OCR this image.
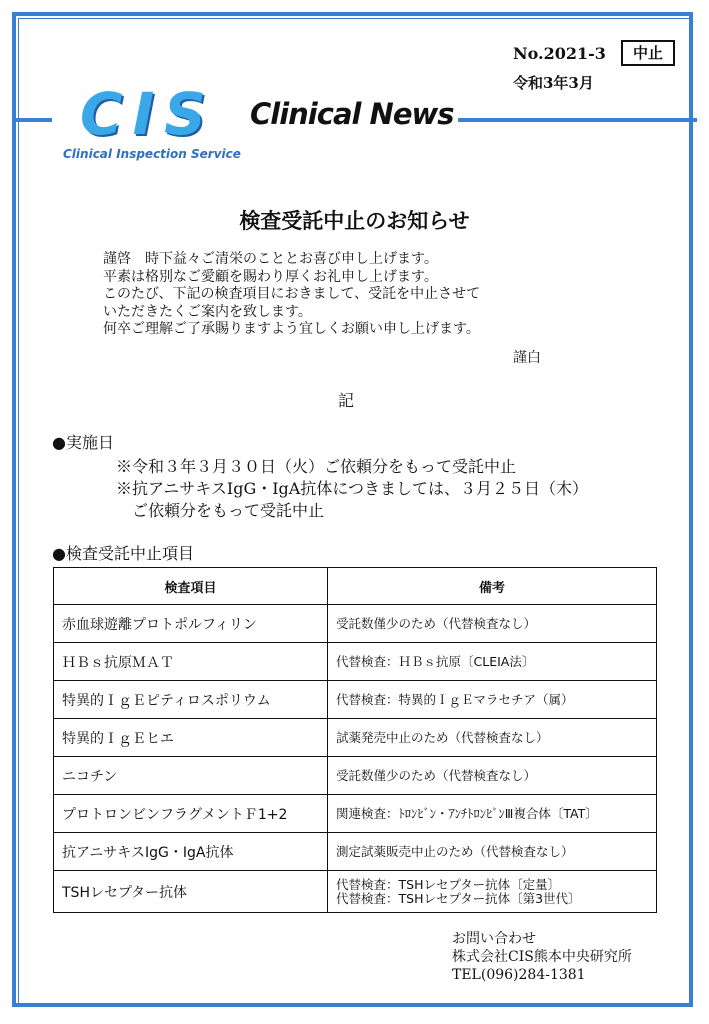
No.2021-3	中止
令和3年3月
CIS
Clinical Inspection Service
Clinical News
検査受託中止のお知らせ
謹啓　時下益々ご清栄のこととお喜び申し上げます。
平素は格別なご愛顧を賜わり厚くお礼申し上げます。
このたび、下記の検査項目におきまして、受託を中止させて
いただきたくご案内を致します。
何卒ご理解ご了承賜りますよう宜しくお願い申し上げます。
謹白
記
●実施日
※令和３年３月３０日（火）ご依頼分をもって受託中止
※抗アニサキスIgG・IgA抗体につきましては、３月２５日（木）
ご依頼分をもって受託中止
●検査受託中止項目
検査項目	備考
赤血球遊離プロトポルフィリン	受託数僅少のため（代替検査なし）

ＨＢｓ抗原ＭＡＴ	代替検査：ＨＢｓ抗原〔CLEIA法〕

特異的ＩｇＥピティロスポリウム	代替検査：特異的ＩｇＥマラセチア（属）

特異的ＩｇＥヒエ	試薬発売中止のため（代替検査なし）

ニコチン	受託数僅少のため（代替検査なし）

プロトロンビンフラグメントＦ1+2	関連検査：ﾄﾛﾝﾋﾞﾝ・ｱﾝﾁﾄﾛﾝﾋﾞﾝⅢ複合体〔TAT〕

抗アニサキスIgG・IgA抗体	測定試薬販売中止のため（代替検査なし）

TSHレセプター抗体	代替検査：TSHレセプター抗体〔定量〕
代替検査：TSHレセプター抗体〔第3世代〕
お問い合わせ
株式会社CIS熊本中央研究所
TEL(096)284-1381
